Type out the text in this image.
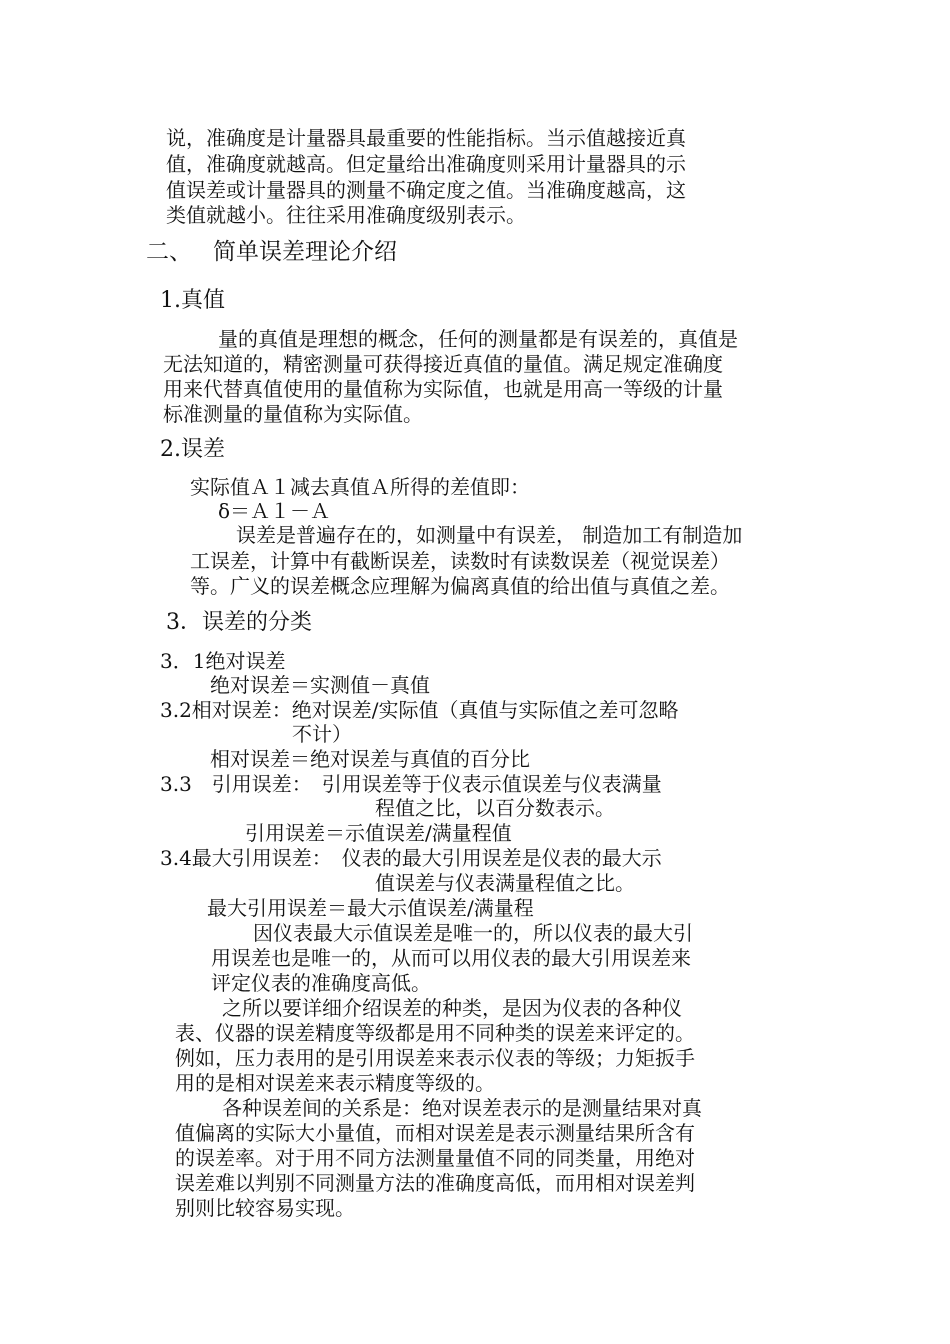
说，准确度是计量器具最重要的性能指标。当示值越接近真
值，准确度就越高。但定量给出准确度则采用计量器具的示
值误差或计量器具的测量不确定度之值。当准确度越高，这
类值就越小。往往采用准确度级别表示。
二、 简单误差理论介绍
1.真值
量的真值是理想的概念，任何的测量都是有误差的，真值是
无法知道的，精密测量可获得接近真值的量值。满足规定准确度
用来代替真值使用的量值称为实际值，也就是用高一等级的计量
标准测量的量值称为实际值。
2.误差
实际值Ａ１减去真值Ａ所得的差值即：
δ＝Ａ１－Ａ
误差是普遍存在的，如测量中有误差， 制造加工有制造加
工误差，计算中有截断误差，读数时有读数误差（视觉误差）
等。广义的误差概念应理解为偏离真值的给出值与真值之差。
3．误差的分类
3．1绝对误差
绝对误差＝实测值－真值
3.2相对误差：绝对误差/实际值（真值与实际值之差可忽略
不计）
相对误差＝绝对误差与真值的百分比
3.3　引用误差：　引用误差等于仪表示值误差与仪表满量
程值之比，以百分数表示。
引用误差＝示值误差/满量程值
3.4最大引用误差：　仪表的最大引用误差是仪表的最大示
值误差与仪表满量程值之比。
最大引用误差＝最大示值误差/满量程
因仪表最大示值误差是唯一的，所以仪表的最大引
用误差也是唯一的，从而可以用仪表的最大引用误差来
评定仪表的准确度高低。
之所以要详细介绍误差的种类，是因为仪表的各种仪
表、仪器的误差精度等级都是用不同种类的误差来评定的。
例如，压力表用的是引用误差来表示仪表的等级；力矩扳手
用的是相对误差来表示精度等级的。
各种误差间的关系是：绝对误差表示的是测量结果对真
值偏离的实际大小量值，而相对误差是表示测量结果所含有
的误差率。对于用不同方法测量量值不同的同类量，用绝对
误差难以判别不同测量方法的准确度高低，而用相对误差判
别则比较容易实现。
